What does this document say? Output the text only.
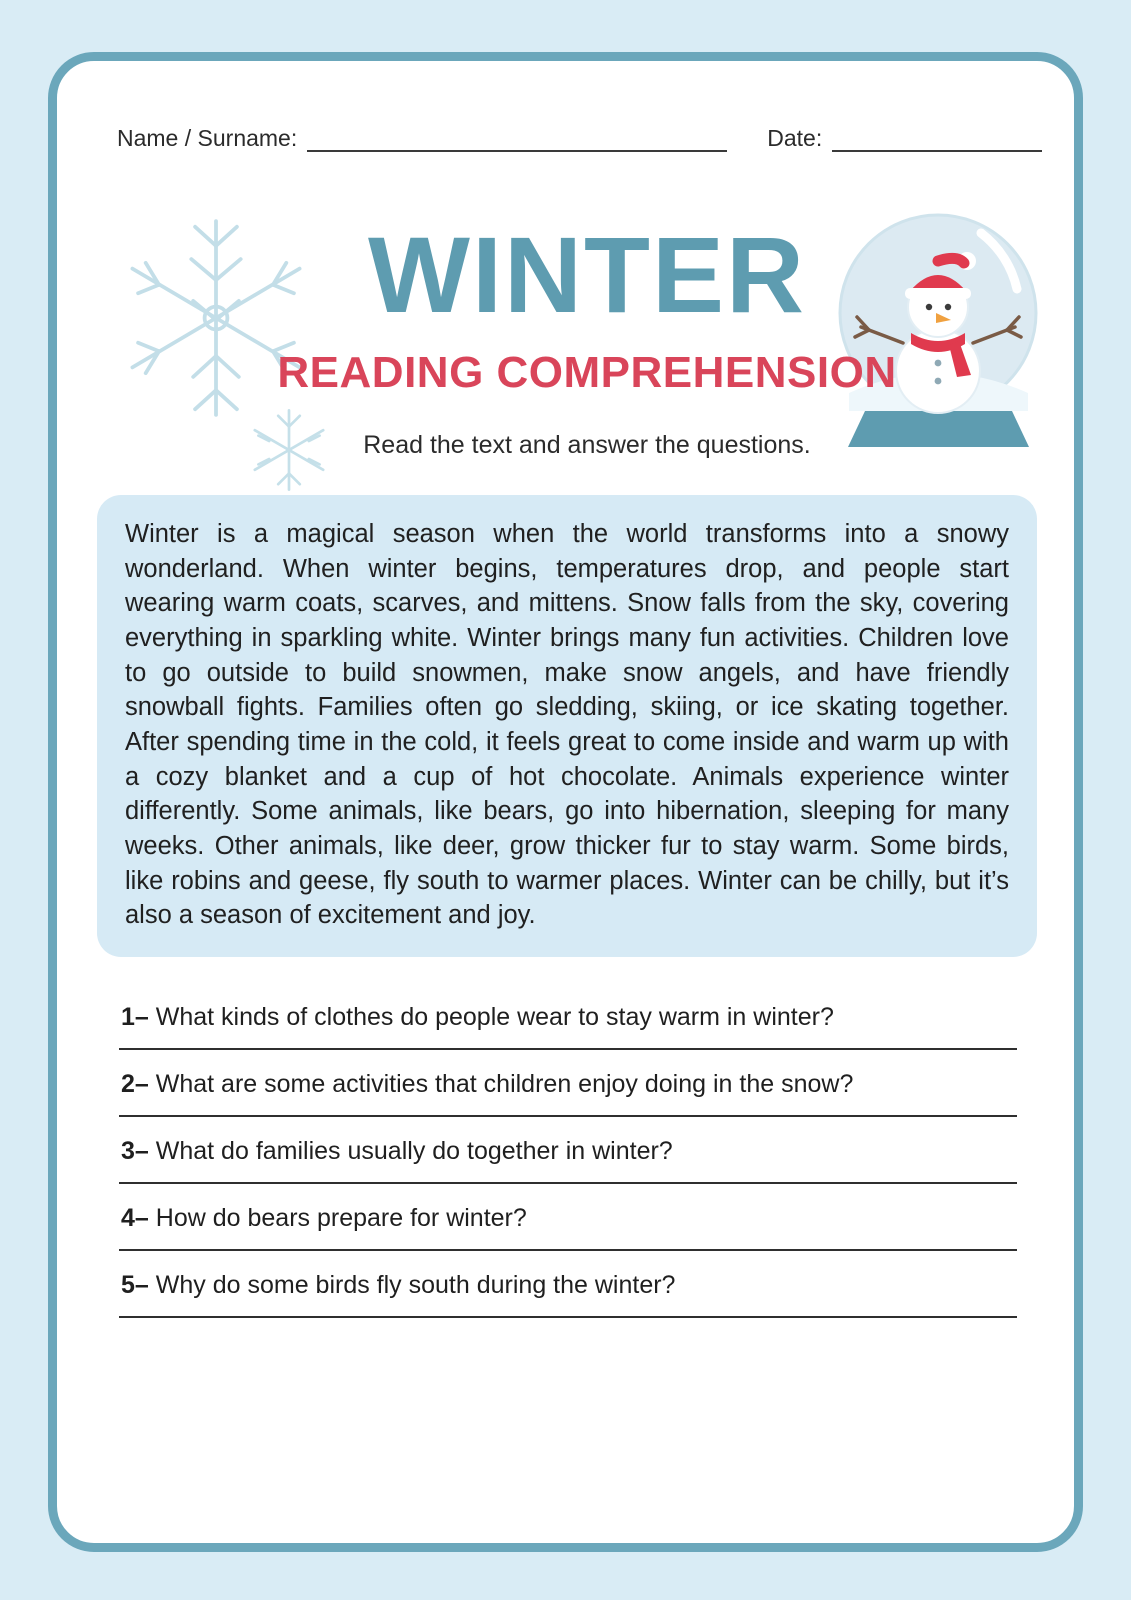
Name / Surname:	Date:
WINTER
READING COMPREHENSION
Read the text and answer the questions.

Winter is a magical season when the world transforms into a snowy wonderland. When winter begins, temperatures drop, and people start wearing warm coats, scarves, and mittens. Snow falls from the sky, covering everything in sparkling white. Winter brings many fun activities. Children love to go outside to build snowmen, make snow angels, and have friendly snowball fights. Families often go sledding, skiing, or ice skating together. After spending time in the cold, it feels great to come inside and warm up with a cozy blanket and a cup of hot chocolate. Animals experience winter differently. Some animals, like bears, go into hibernation, sleeping for many weeks. Other animals, like deer, grow thicker fur to stay warm. Some birds, like robins and geese, fly south to warmer places. Winter can be chilly, but it’s also a season of excitement and joy.

1– What kinds of clothes do people wear to stay warm in winter?

2– What are some activities that children enjoy doing in the snow?

3– What do families usually do together in winter?

4– How do bears prepare for winter?

5– Why do some birds fly south during the winter?
